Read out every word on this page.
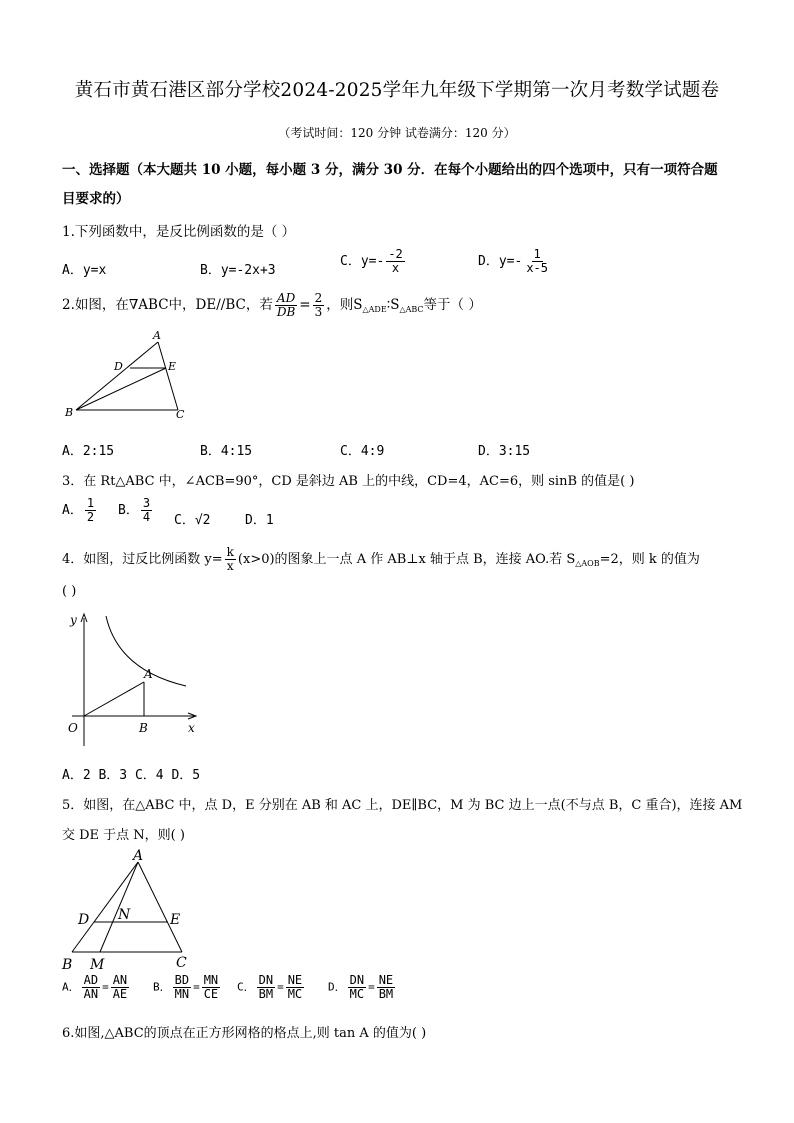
黄石市黄石港区部分学校2024-2025学年九年级下学期第一次月考数学试题卷
（考试时间：120 分钟 试卷满分：120 分）
一、选择题（本大题共 10 小题，每小题 3 分，满分 30 分．在每个小题给出的四个选项中，只有一项符合题
目要求的）
1.下列函数中，是反比例函数的是（ ）
A．y=x	B．y=-2x+3
C．$y=- \frac{-2}{x}$	D．$y=- \frac{1}{x-5}$
2.如图，在∇ABC中，DE//BC，若 $\frac{AD}{DB} = \frac{2}{3}$ ，则$S_{\triangle ADE}∶S_{\triangle ABC}$等于（ ）
A
D	E
B	C
A．2:15	B．4:15	C．4:9	D．3:15
3．在 Rt△ABC 中，∠ACB=90°，CD 是斜边 AB 上的中线，CD=4，AC=6，则 sinB 的值是( )
A． $\frac{1}{2}$ B． $\frac{3}{4}$ C．√2	D．1
4．如图，过反比例函数 $y= \frac{k}{x} (x>0)$的图象上一点 A 作 AB⊥x 轴于点 B，连接 AO.若 $S_{\triangle AOB}=2$，则 k 的值为
( )
y
x
O
A
B
A．2 B．3 C．4 D．5
5．如图，在△ABC 中，点 D，E 分别在 AB 和 AC 上，DE∥BC，M 为 BC 边上一点(不与点 B，C 重合)，连接 AM
交 DE 于点 N，则( )
A
D N	E
B M	C
A． $\frac{AD}{AN} = \frac{AN}{AE}$ B． $\frac{BD}{MN} = \frac{MN}{CE}$ C． $\frac{DN}{BM} = \frac{NE}{MC}$ D． $\frac{DN}{MC} = \frac{NE}{BM}$
6.如图,△ABC的顶点在正方形网格的格点上,则 tan A 的值为( )
